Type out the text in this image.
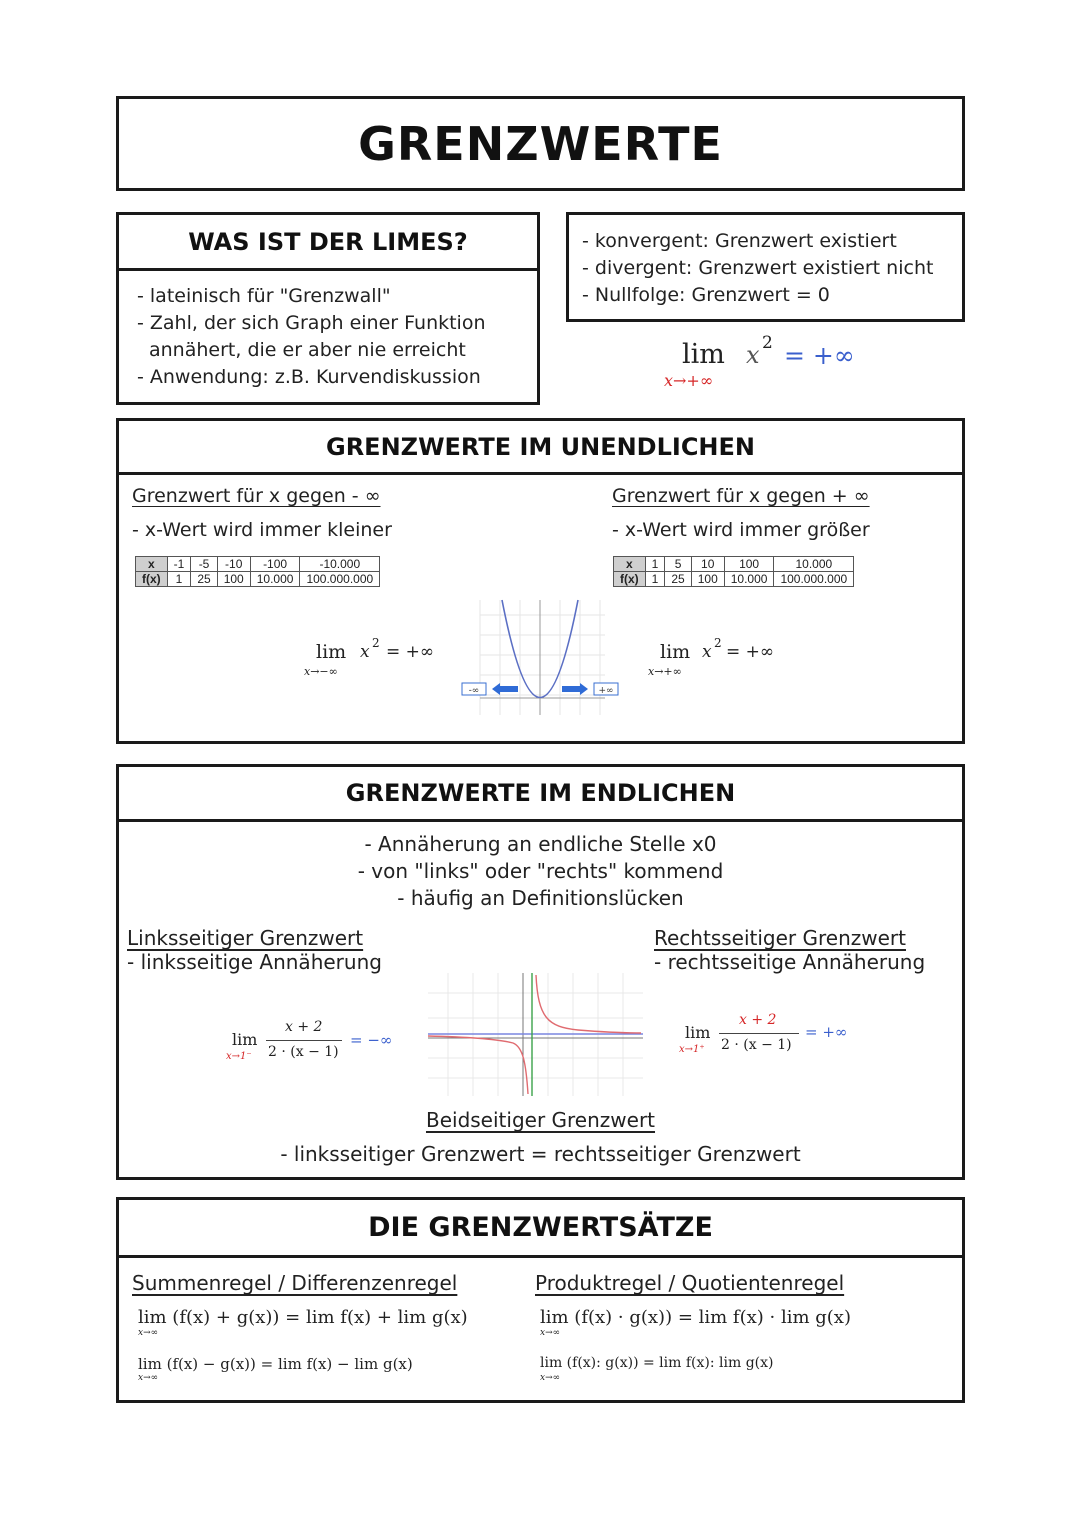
GRENZWERTE
WAS IST DER LIMES?
- lateinisch für "Grenzwall"
- Zahl, der sich Graph einer Funktion
annähert, die er aber nie erreicht
- Anwendung: z.B. Kurvendiskussion
- konvergent: Grenzwert existiert
- divergent: Grenzwert existiert nicht
- Nullfolge: Grenzwert = 0
lim x 2 = +∞
x→+∞
GRENZWERTE IM UNENDLICHEN
Grenzwert für x gegen - ∞
- x-Wert wird immer kleiner
x	-1	-5	-10	-100	-10.000
f(x)	1	25	100	10.000	100.000.000
lim x 2 = +∞
x→−∞
-∞	+∞
Grenzwert für x gegen + ∞
- x-Wert wird immer größer
x	1	5	10	100	10.000
f(x)	1	25	100	10.000	100.000.000
lim x 2 = +∞
x→+∞
GRENZWERTE IM ENDLICHEN
- Annäherung an endliche Stelle x0
- von "links" oder "rechts" kommend
- häufig an Definitionslücken
Linksseitiger Grenzwert
- linksseitige Annäherung
lim
x→1⁻
x + 2
2 · (x − 1)
= −∞
Rechtsseitiger Grenzwert
- rechtsseitige Annäherung
lim
x→1⁺
x + 2
2 · (x − 1)
= +∞
Beidseitiger Grenzwert
- linksseitiger Grenzwert = rechtsseitiger Grenzwert
DIE GRENZWERTSÄTZE
Summenregel / Differenzenregel
lim (f(x) + g(x)) = lim f(x) + lim g(x)
x→∞
lim (f(x) − g(x)) = lim f(x) − lim g(x)
x→∞
Produktregel / Quotientenregel
lim (f(x) · g(x)) = lim f(x) · lim g(x)
x→∞
lim (f(x): g(x)) = lim f(x): lim g(x)
x→∞
